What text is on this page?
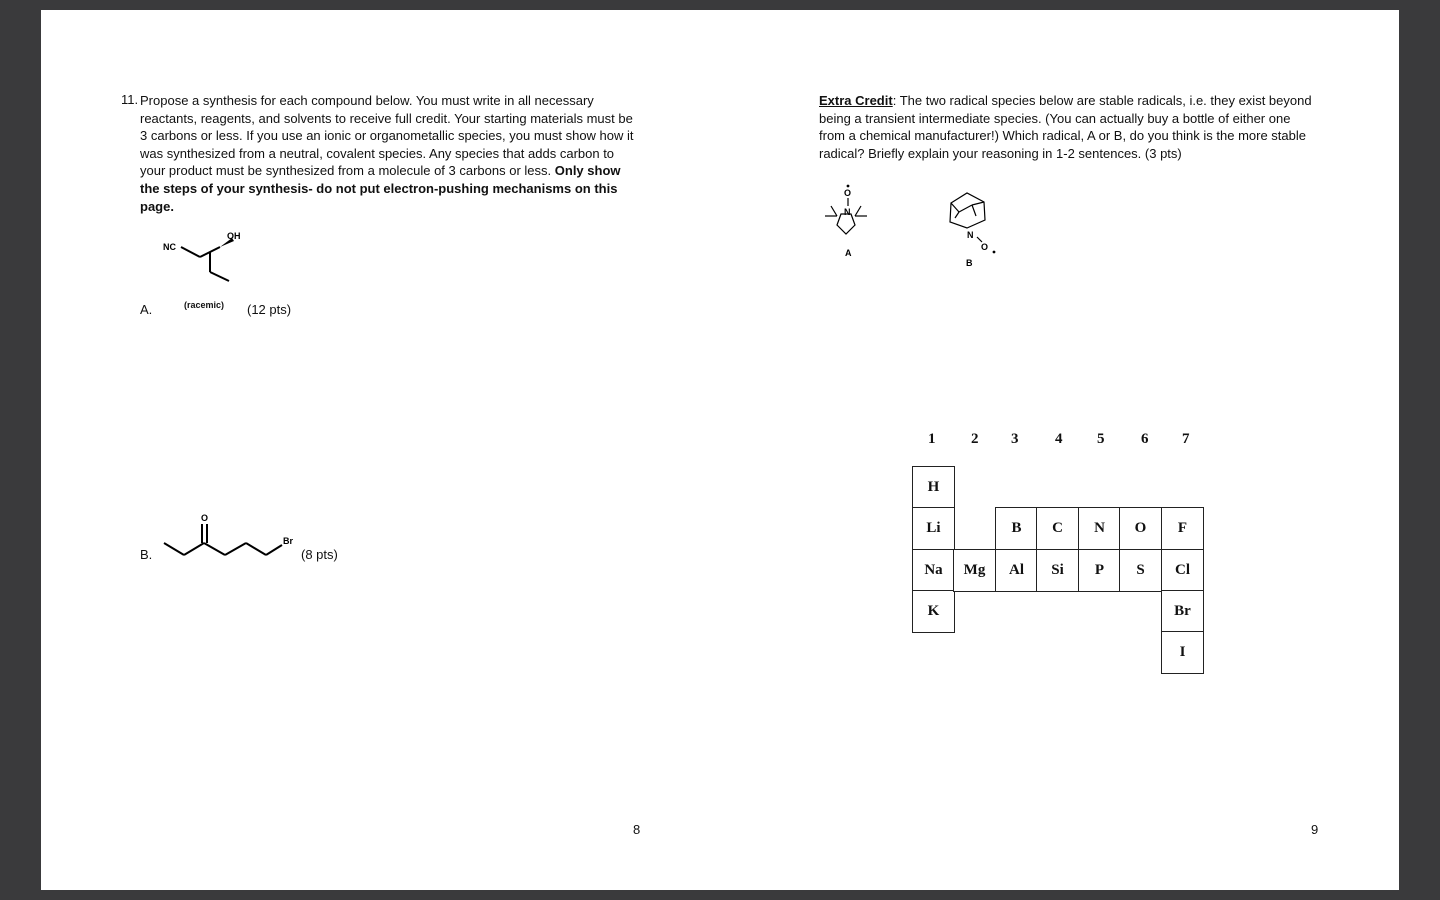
11. Propose a synthesis for each compound below. You must write in all necessary reactants, reagents, and solvents to receive full credit. Your starting materials must be 3 carbons or less. If you use an ionic or organometallic species, you must show how it was synthesized from a neutral, covalent species. Any species that adds carbon to your product must be synthesized from a molecule of 3 carbons or less. Only show the steps of your synthesis- do not put electron-pushing mechanisms on this page.
NC
OH
A.	(racemic) (12 pts)
O
Br
B.	(8 pts)
8
Extra Credit: The two radical species below are stable radicals, i.e. they exist beyond being a transient intermediate species. (You can actually buy a bottle of either one from a chemical manufacturer!) Which radical, A or B, do you think is the more stable radical? Briefly explain your reasoning in 1-2 sentences. (3 pts)
O
N
A
N
O
B
1 2 3 4 5 6 7
H
Li
Na
K
Mg
B
Al
C
Si
N
P
O
S
F
Cl
Br
I
9
